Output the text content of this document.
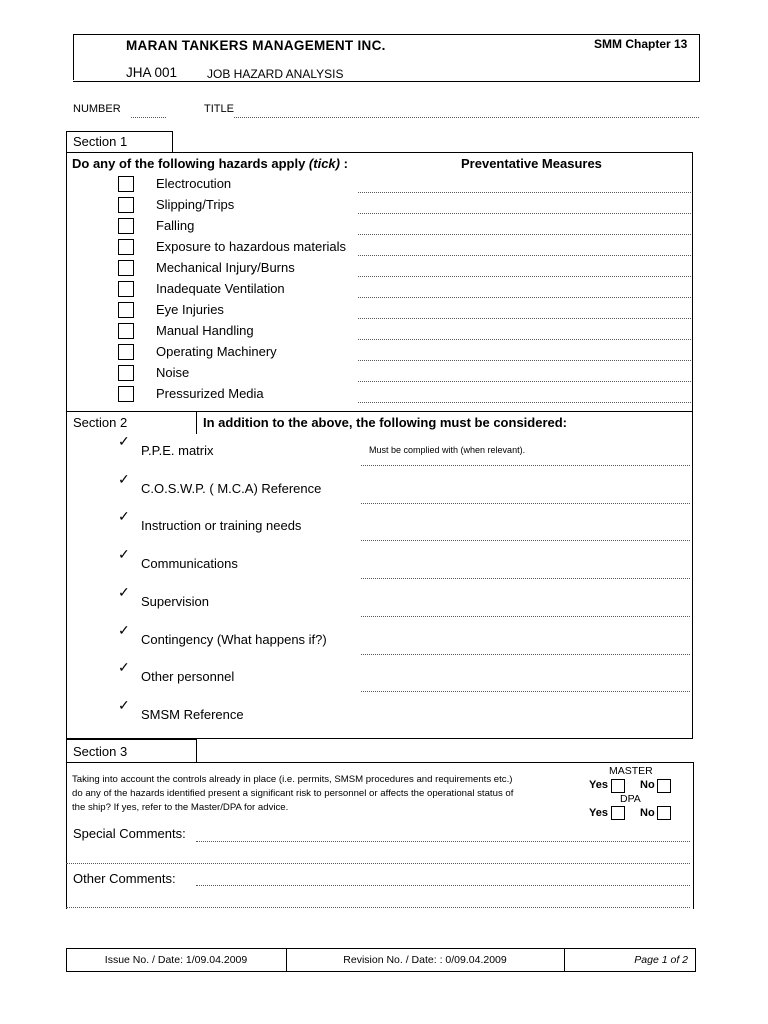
MARAN TANKERS MANAGEMENT INC.	SMM Chapter 13
JHA 001 JOB HAZARD ANALYSIS
NUMBER	TITLE
Section 1
Do any of the following hazards apply (tick) :	Preventative Measures
Electrocution
Slipping/Trips
Falling
Exposure to hazardous materials
Mechanical Injury/Burns
Inadequate Ventilation
Eye Injuries
Manual Handling
Operating Machinery
Noise
Pressurized Media
Section 2	In addition to the above, the following must be considered:
Must be complied with (when relevant).
✓
P.P.E. matrix
✓
C.O.S.W.P. ( M.C.A) Reference
✓
Instruction or training needs
✓
Communications
✓
Supervision
✓
Contingency (What happens if?)
✓
Other personnel
✓
SMSM Reference
Section 3
Taking into account the controls already in place (i.e. permits, SMSM procedures and requirements etc.)
do any of the hazards identified present a significant risk to personnel or affects the operational status of
the ship? If yes, refer to the Master/DPA for advice.
MASTER
Yes	No
DPA
Yes	No
Special Comments:
Other Comments:
Issue No. / Date: 1/09.04.2009	Revision No. / Date: : 0/09.04.2009	Page 1 of 2
